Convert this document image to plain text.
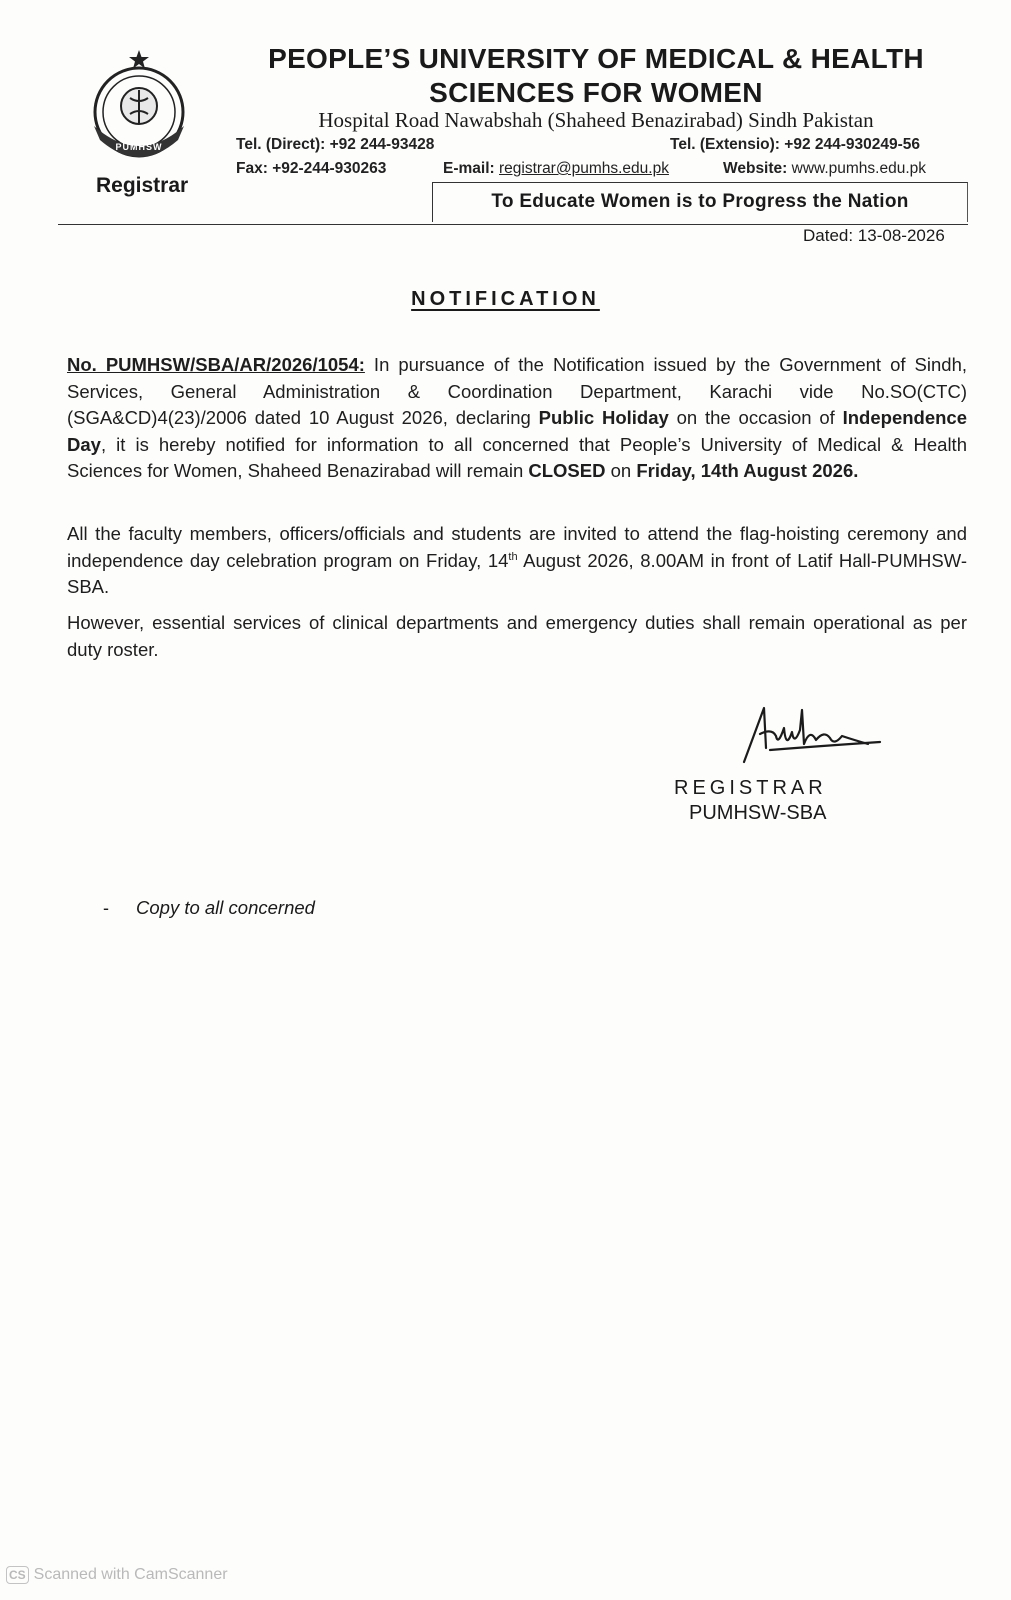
PUMHSW
Registrar
PEOPLE’S UNIVERSITY OF MEDICAL & HEALTH SCIENCES FOR WOMEN
Hospital Road Nawabshah (Shaheed Benazirabad) Sindh Pakistan
Tel. (Direct): +92 244-93428	Tel. (Extensio): +92 244-930249-56
Fax: +92-244-930263	E-mail: registrar@pumhs.edu.pk	Website: www.pumhs.edu.pk
To Educate Women is to Progress the Nation
Dated: 13-08-2026
NOTIFICATION
No. PUMHSW/SBA/AR/2026/1054: In pursuance of the Notification issued by the Government of Sindh, Services, General Administration & Coordination Department, Karachi vide No.SO(CTC)(SGA&CD)4(23)/2006 dated 10 August 2026, declaring Public Holiday on the occasion of Independence Day, it is hereby notified for information to all concerned that People’s University of Medical & Health Sciences for Women, Shaheed Benazirabad will remain CLOSED on Friday, 14th August 2026.
All the faculty members, officers/officials and students are invited to attend the flag-hoisting ceremony and independence day celebration program on Friday, 14th August 2026, 8.00AM in front of Latif Hall-PUMHSW-SBA.
However, essential services of clinical departments and emergency duties shall remain operational as per duty roster.
REGISTRAR
PUMHSW-SBA
- Copy to all concerned
CS Scanned with CamScanner
